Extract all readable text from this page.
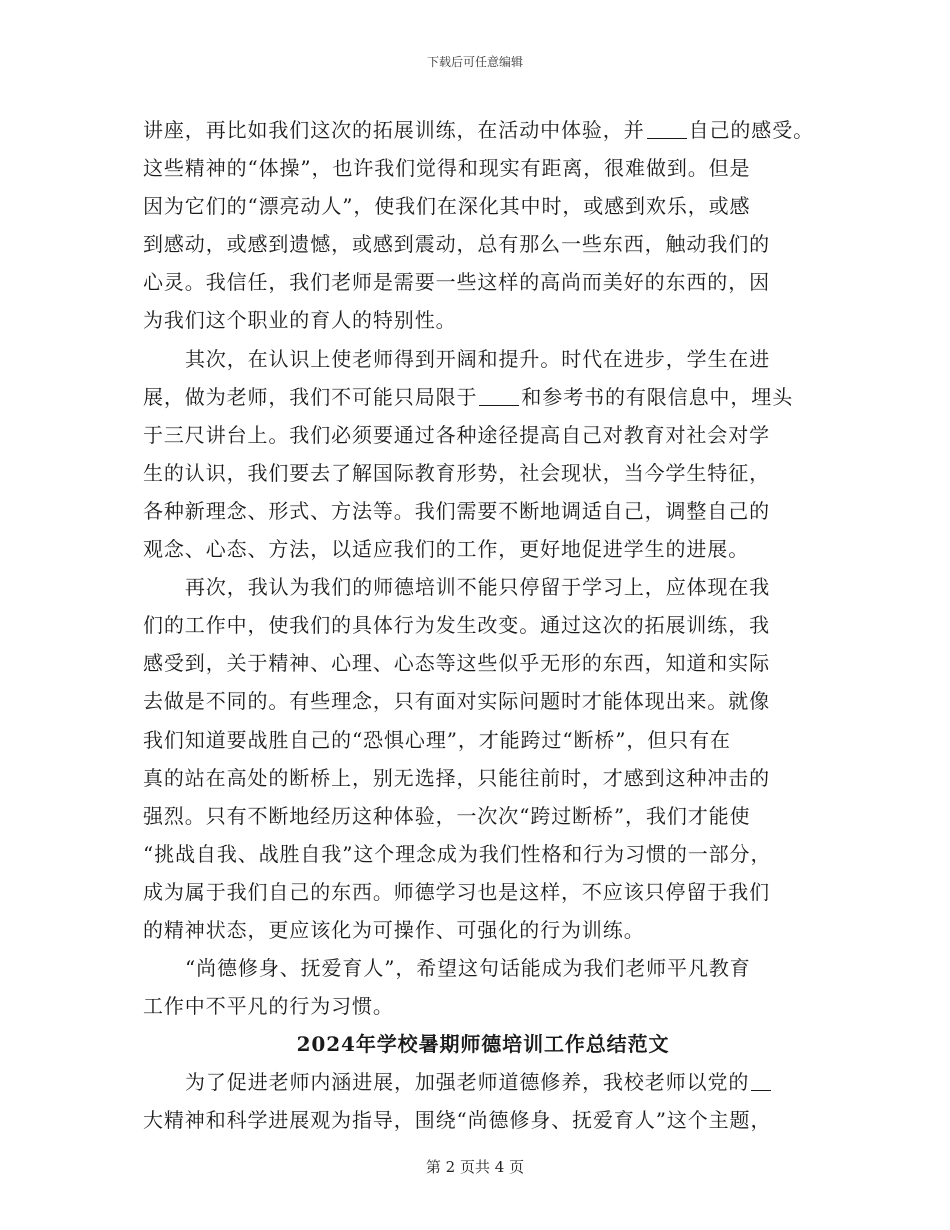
下载后可任意编辑
讲座，再比如我们这次的拓展训练，在活动中体验，并 自己的感受。
这些精神的“体操”，也许我们觉得和现实有距离，很难做到。但是
因为它们的“漂亮动人”，使我们在深化其中时，或感到欢乐，或感
到感动，或感到遗憾，或感到震动，总有那么一些东西，触动我们的
心灵。我信任，我们老师是需要一些这样的高尚而美好的东西的，因
为我们这个职业的育人的特别性。
其次，在认识上使老师得到开阔和提升。时代在进步，学生在进
展，做为老师，我们不可能只局限于 和参考书的有限信息中，埋头
于三尺讲台上。我们必须要通过各种途径提高自己对教育对社会对学
生的认识，我们要去了解国际教育形势，社会现状，当今学生特征，
各种新理念、形式、方法等。我们需要不断地调适自己，调整自己的
观念、心态、方法，以适应我们的工作，更好地促进学生的进展。
再次，我认为我们的师德培训不能只停留于学习上，应体现在我
们的工作中，使我们的具体行为发生改变。通过这次的拓展训练，我
感受到，关于精神、心理、心态等这些似乎无形的东西，知道和实际
去做是不同的。有些理念，只有面对实际问题时才能体现出来。就像
我们知道要战胜自己的“恐惧心理”，才能跨过“断桥”，但只有在
真的站在高处的断桥上，别无选择，只能往前时，才感到这种冲击的
强烈。只有不断地经历这种体验，一次次“跨过断桥”，我们才能使
“挑战自我、战胜自我”这个理念成为我们性格和行为习惯的一部分，
成为属于我们自己的东西。师德学习也是这样，不应该只停留于我们
的精神状态，更应该化为可操作、可强化的行为训练。
“尚德修身、抚爱育人”，希望这句话能成为我们老师平凡教育
工作中不平凡的行为习惯。
2024年学校暑期师德培训工作总结范文
为了促进老师内涵进展，加强老师道德修养，我校老师以党的
大精神和科学进展观为指导，围绕“尚德修身、抚爱育人”这个主题，
第 2 页共 4 页
